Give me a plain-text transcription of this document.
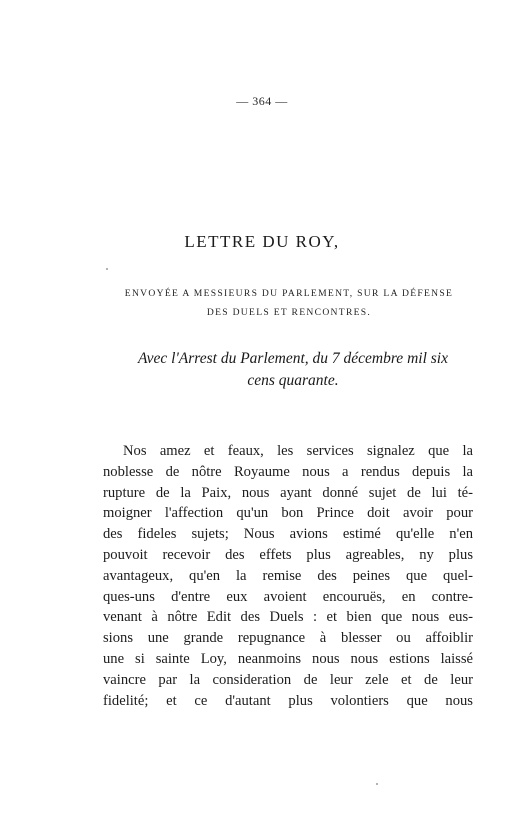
— 364 —
LETTRE DU ROY,
ENVOYÉE A MESSIEURS DU PARLEMENT, SUR LA DÉFENSE
DES DUELS ET RENCONTRES.
Avec l'Arrest du Parlement, du 7 décembre mil six
cens quarante.
Nos amez et feaux, les services signalez que la
noblesse de nôtre Royaume nous a rendus depuis la
rupture de la Paix, nous ayant donné sujet de lui té-
moigner l'affection qu'un bon Prince doit avoir pour
des fideles sujets; Nous avions estimé qu'elle n'en
pouvoit recevoir des effets plus agreables, ny plus
avantageux, qu'en la remise des peines que quel-
ques-uns d'entre eux avoient encouruës, en contre-
venant à nôtre Edit des Duels : et bien que nous eus-
sions une grande repugnance à blesser ou affoiblir
une si sainte Loy, neanmoins nous nous estions laissé
vaincre par la consideration de leur zele et de leur
fidelité; et ce d'autant plus volontiers que nous
